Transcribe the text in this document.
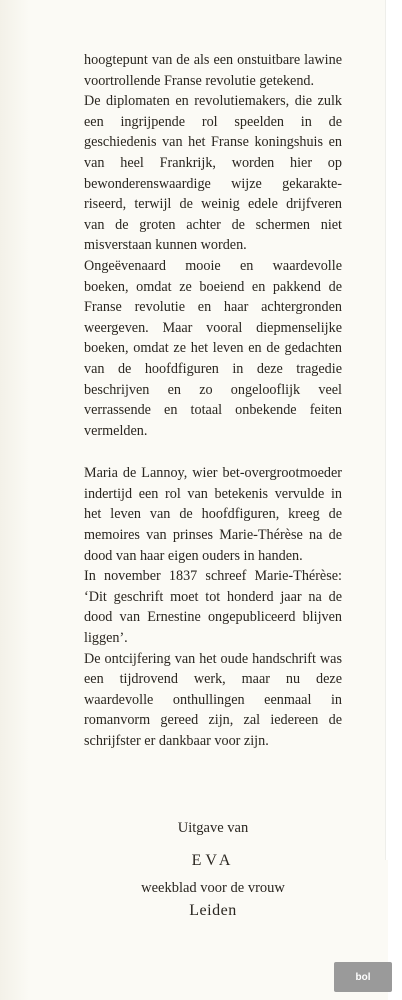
hoogtepunt van de als een onstuitbare lawine voortrollende Franse revolutie getekend.

De diplomaten en revolutiemakers, die zulk een ingrijpende rol speelden in de geschiedenis van het Franse koningshuis en van heel Frankrijk, worden hier op bewonderenswaardige wijze gekarakteriseerd, terwijl de weinig edele drijfveren van de groten achter de schermen niet misverstaan kunnen worden.

Ongeëvenaard mooie en waardevolle boeken, omdat ze boeiend en pakkend de Franse revolutie en haar achtergronden weergeven. Maar vooral diepmenselijke boeken, omdat ze het leven en de gedachten van de hoofdfiguren in deze tragedie beschrijven en zo ongelooflijk veel verrassende en totaal onbekende feiten vermelden.

Maria de Lannoy, wier bet-overgrootmoeder indertijd een rol van betekenis vervulde in het leven van de hoofdfiguren, kreeg de memoires van prinses Marie-Thérèse na de dood van haar eigen ouders in handen.

In november 1837 schreef Marie-Thérèse: ‘Dit geschrift moet tot honderd jaar na de dood van Ernestine ongepubliceerd blijven liggen’.

De ontcijfering van het oude handschrift was een tijdrovend werk, maar nu deze waardevolle onthullingen eenmaal in romanvorm gereed zijn, zal iedereen de schrijfster er dankbaar voor zijn.

Uitgave van
EVA
weekblad voor de vrouw
Leiden
bol
